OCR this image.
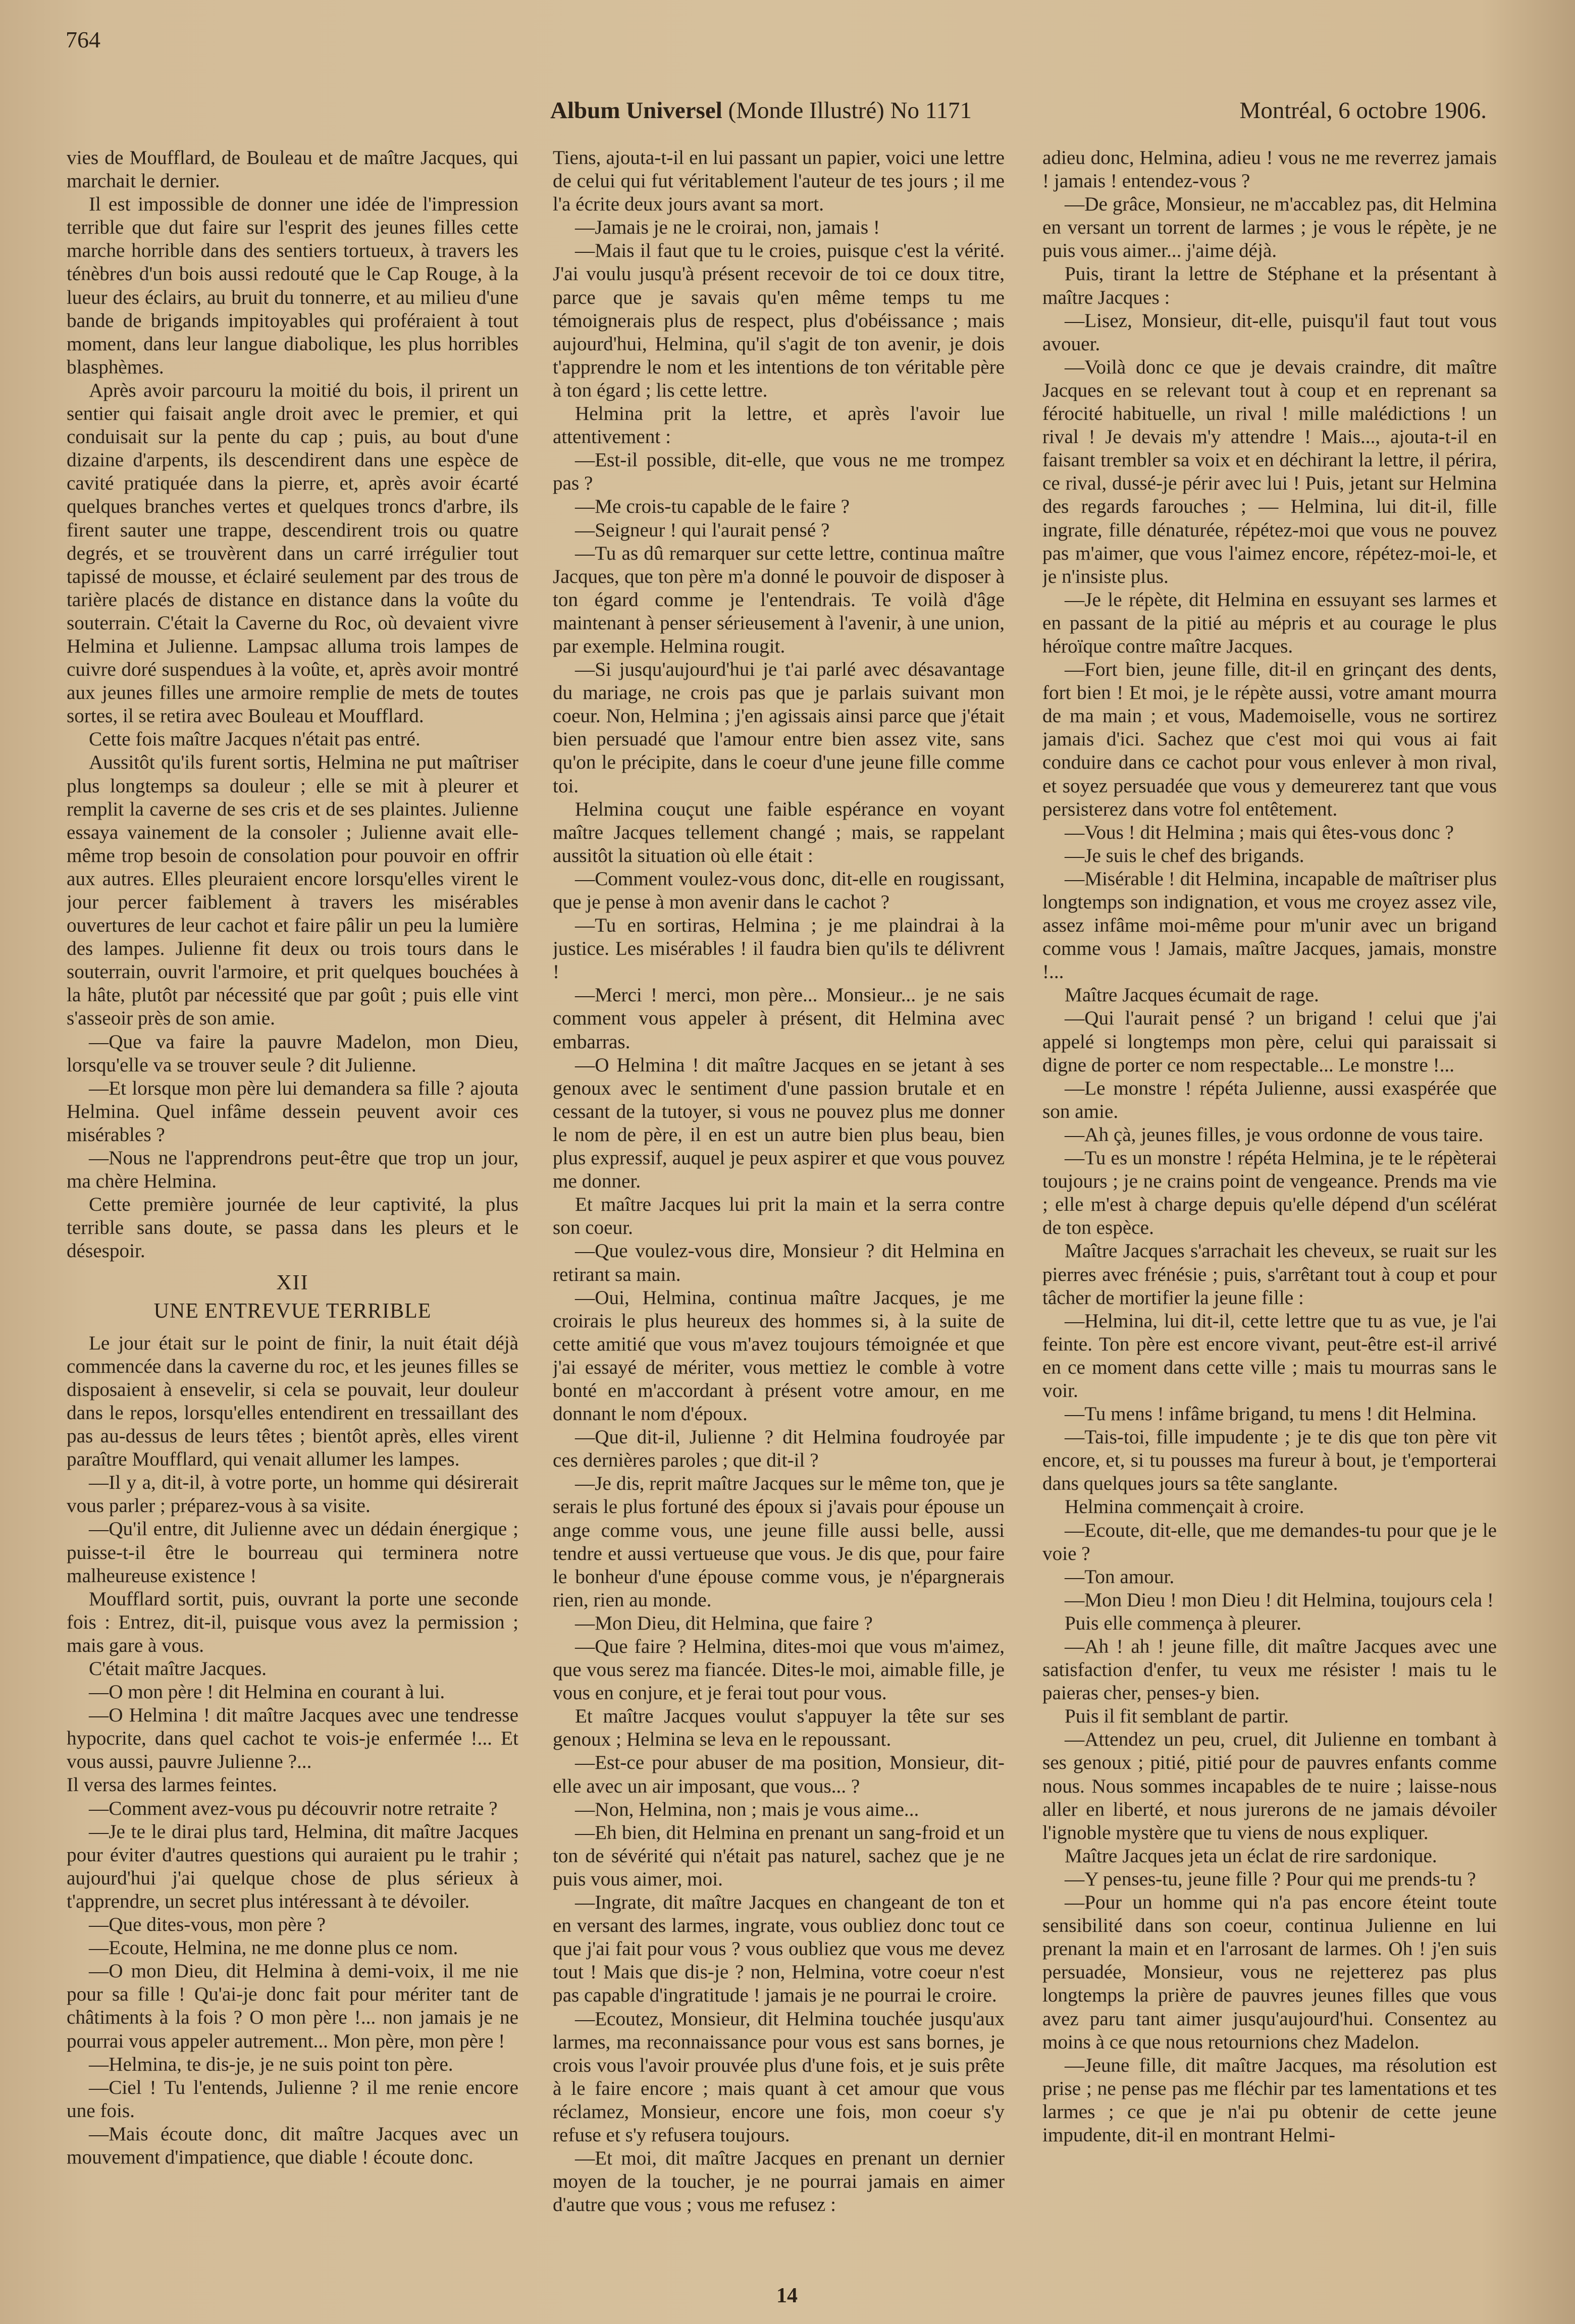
764
Album Universel (Monde Illustré) No 1171	Montréal, 6 octobre 1906.

vies de Moufflard, de Bouleau et de maître Jacques, qui marchait le dernier.

Il est impossible de donner une idée de l'impression terrible que dut faire sur l'esprit des jeunes filles cette marche horrible dans des sentiers tortueux, à travers les ténèbres d'un bois aussi redouté que le Cap Rouge, à la lueur des éclairs, au bruit du tonnerre, et au milieu d'une bande de brigands impitoyables qui proféraient à tout moment, dans leur langue diabolique, les plus horribles blasphèmes.

Après avoir parcouru la moitié du bois, il prirent un sentier qui faisait angle droit avec le premier, et qui conduisait sur la pente du cap ; puis, au bout d'une dizaine d'arpents, ils descendirent dans une espèce de cavité pratiquée dans la pierre, et, après avoir écarté quelques branches vertes et quelques troncs d'arbre, ils firent sauter une trappe, descendirent trois ou quatre degrés, et se trouvèrent dans un carré irrégulier tout tapissé de mousse, et éclairé seulement par des trous de tarière placés de distance en distance dans la voûte du souterrain. C'était la Caverne du Roc, où devaient vivre Helmina et Julienne. Lampsac alluma trois lampes de cuivre doré suspendues à la voûte, et, après avoir montré aux jeunes filles une armoire remplie de mets de toutes sortes, il se retira avec Bouleau et Moufflard.

Cette fois maître Jacques n'était pas entré.

Aussitôt qu'ils furent sortis, Helmina ne put maîtriser plus longtemps sa douleur ; elle se mit à pleurer et remplit la caverne de ses cris et de ses plaintes. Julienne essaya vainement de la consoler ; Julienne avait elle-même trop besoin de consolation pour pouvoir en offrir aux autres. Elles pleuraient encore lorsqu'elles virent le jour percer faiblement à travers les misérables ouvertures de leur cachot et faire pâlir un peu la lumière des lampes. Julienne fit deux ou trois tours dans le souterrain, ouvrit l'armoire, et prit quelques bouchées à la hâte, plutôt par nécessité que par goût ; puis elle vint s'asseoir près de son amie.

—Que va faire la pauvre Madelon, mon Dieu, lorsqu'elle va se trouver seule ? dit Julienne.

—Et lorsque mon père lui demandera sa fille ? ajouta Helmina. Quel infâme dessein peuvent avoir ces misérables ?

—Nous ne l'apprendrons peut-être que trop un jour, ma chère Helmina.

Cette première journée de leur captivité, la plus terrible sans doute, se passa dans les pleurs et le désespoir.

XII
UNE ENTREVUE TERRIBLE

Le jour était sur le point de finir, la nuit était déjà commencée dans la caverne du roc, et les jeunes filles se disposaient à ensevelir, si cela se pouvait, leur douleur dans le repos, lorsqu'elles entendirent en tressaillant des pas au-dessus de leurs têtes ; bientôt après, elles virent paraître Moufflard, qui venait allumer les lampes.

—Il y a, dit-il, à votre porte, un homme qui désirerait vous parler ; préparez-vous à sa visite.

—Qu'il entre, dit Julienne avec un dédain énergique ; puisse-t-il être le bourreau qui terminera notre malheureuse existence !

Moufflard sortit, puis, ouvrant la porte une seconde fois : Entrez, dit-il, puisque vous avez la permission ; mais gare à vous.

C'était maître Jacques.

—O mon père ! dit Helmina en courant à lui.

—O Helmina ! dit maître Jacques avec une tendresse hypocrite, dans quel cachot te vois-je enfermée !... Et vous aussi, pauvre Julienne ?...

Il versa des larmes feintes.

—Comment avez-vous pu découvrir notre retraite ?

—Je te le dirai plus tard, Helmina, dit maître Jacques pour éviter d'autres questions qui auraient pu le trahir ; aujourd'hui j'ai quelque chose de plus sérieux à t'apprendre, un secret plus intéressant à te dévoiler.

—Que dites-vous, mon père ?

—Ecoute, Helmina, ne me donne plus ce nom.

—O mon Dieu, dit Helmina à demi-voix, il me nie pour sa fille ! Qu'ai-je donc fait pour mériter tant de châtiments à la fois ? O mon père !... non jamais je ne pourrai vous appeler autrement... Mon père, mon père !

—Helmina, te dis-je, je ne suis point ton père.

—Ciel ! Tu l'entends, Julienne ? il me renie encore une fois.

—Mais écoute donc, dit maître Jacques avec un mouvement d'impatience, que diable ! écoute donc.

Tiens, ajouta-t-il en lui passant un papier, voici une lettre de celui qui fut véritablement l'auteur de tes jours ; il me l'a écrite deux jours avant sa mort.

—Jamais je ne le croirai, non, jamais !

—Mais il faut que tu le croies, puisque c'est la vérité. J'ai voulu jusqu'à présent recevoir de toi ce doux titre, parce que je savais qu'en même temps tu me témoignerais plus de respect, plus d'obéissance ; mais aujourd'hui, Helmina, qu'il s'agit de ton avenir, je dois t'apprendre le nom et les intentions de ton véritable père à ton égard ; lis cette lettre.

Helmina prit la lettre, et après l'avoir lue attentivement :

—Est-il possible, dit-elle, que vous ne me trompez pas ?

—Me crois-tu capable de le faire ?

—Seigneur ! qui l'aurait pensé ?

—Tu as dû remarquer sur cette lettre, continua maître Jacques, que ton père m'a donné le pouvoir de disposer à ton égard comme je l'entendrais. Te voilà d'âge maintenant à penser sérieusement à l'avenir, à une union, par exemple. Helmina rougit.

—Si jusqu'aujourd'hui je t'ai parlé avec désavantage du mariage, ne crois pas que je parlais suivant mon coeur. Non, Helmina ; j'en agissais ainsi parce que j'était bien persuadé que l'amour entre bien assez vite, sans qu'on le précipite, dans le coeur d'une jeune fille comme toi.

Helmina couçut une faible espérance en voyant maître Jacques tellement changé ; mais, se rappelant aussitôt la situation où elle était :

—Comment voulez-vous donc, dit-elle en rougissant, que je pense à mon avenir dans le cachot ?

—Tu en sortiras, Helmina ; je me plaindrai à la justice. Les misérables ! il faudra bien qu'ils te délivrent !

—Merci ! merci, mon père... Monsieur... je ne sais comment vous appeler à présent, dit Helmina avec embarras.

—O Helmina ! dit maître Jacques en se jetant à ses genoux avec le sentiment d'une passion brutale et en cessant de la tutoyer, si vous ne pouvez plus me donner le nom de père, il en est un autre bien plus beau, bien plus expressif, auquel je peux aspirer et que vous pouvez me donner.

Et maître Jacques lui prit la main et la serra contre son coeur.

—Que voulez-vous dire, Monsieur ? dit Helmina en retirant sa main.

—Oui, Helmina, continua maître Jacques, je me croirais le plus heureux des hommes si, à la suite de cette amitié que vous m'avez toujours témoignée et que j'ai essayé de mériter, vous mettiez le comble à votre bonté en m'accordant à présent votre amour, en me donnant le nom d'époux.

—Que dit-il, Julienne ? dit Helmina foudroyée par ces dernières paroles ; que dit-il ?

—Je dis, reprit maître Jacques sur le même ton, que je serais le plus fortuné des époux si j'avais pour épouse un ange comme vous, une jeune fille aussi belle, aussi tendre et aussi vertueuse que vous. Je dis que, pour faire le bonheur d'une épouse comme vous, je n'épargnerais rien, rien au monde.

—Mon Dieu, dit Helmina, que faire ?

—Que faire ? Helmina, dites-moi que vous m'aimez, que vous serez ma fiancée. Dites-le moi, aimable fille, je vous en conjure, et je ferai tout pour vous.

Et maître Jacques voulut s'appuyer la tête sur ses genoux ; Helmina se leva en le repoussant.

—Est-ce pour abuser de ma position, Monsieur, dit-elle avec un air imposant, que vous... ?

—Non, Helmina, non ; mais je vous aime...

—Eh bien, dit Helmina en prenant un sang-froid et un ton de sévérité qui n'était pas naturel, sachez que je ne puis vous aimer, moi.

—Ingrate, dit maître Jacques en changeant de ton et en versant des larmes, ingrate, vous oubliez donc tout ce que j'ai fait pour vous ? vous oubliez que vous me devez tout ! Mais que dis-je ? non, Helmina, votre coeur n'est pas capable d'ingratitude ! jamais je ne pourrai le croire.

—Ecoutez, Monsieur, dit Helmina touchée jusqu'aux larmes, ma reconnaissance pour vous est sans bornes, je crois vous l'avoir prouvée plus d'une fois, et je suis prête à le faire encore ; mais quant à cet amour que vous réclamez, Monsieur, encore une fois, mon coeur s'y refuse et s'y refusera toujours.

—Et moi, dit maître Jacques en prenant un dernier moyen de la toucher, je ne pourrai jamais en aimer d'autre que vous ; vous me refusez :

adieu donc, Helmina, adieu ! vous ne me reverrez jamais ! jamais ! entendez-vous ?

—De grâce, Monsieur, ne m'accablez pas, dit Helmina en versant un torrent de larmes ; je vous le répète, je ne puis vous aimer... j'aime déjà.

Puis, tirant la lettre de Stéphane et la présentant à maître Jacques :

—Lisez, Monsieur, dit-elle, puisqu'il faut tout vous avouer.

—Voilà donc ce que je devais craindre, dit maître Jacques en se relevant tout à coup et en reprenant sa férocité habituelle, un rival ! mille malédictions ! un rival ! Je devais m'y attendre ! Mais..., ajouta-t-il en faisant trembler sa voix et en déchirant la lettre, il périra, ce rival, dussé-je périr avec lui ! Puis, jetant sur Helmina des regards farouches ; — Helmina, lui dit-il, fille ingrate, fille dénaturée, répétez-moi que vous ne pouvez pas m'aimer, que vous l'aimez encore, répétez-moi-le, et je n'insiste plus.

—Je le répète, dit Helmina en essuyant ses larmes et en passant de la pitié au mépris et au courage le plus héroïque contre maître Jacques.

—Fort bien, jeune fille, dit-il en grinçant des dents, fort bien ! Et moi, je le répète aussi, votre amant mourra de ma main ; et vous, Mademoiselle, vous ne sortirez jamais d'ici. Sachez que c'est moi qui vous ai fait conduire dans ce cachot pour vous enlever à mon rival, et soyez persuadée que vous y demeurerez tant que vous persisterez dans votre fol entêtement.

—Vous ! dit Helmina ; mais qui êtes-vous donc ?

—Je suis le chef des brigands.

—Misérable ! dit Helmina, incapable de maîtriser plus longtemps son indignation, et vous me croyez assez vile, assez infâme moi-même pour m'unir avec un brigand comme vous ! Jamais, maître Jacques, jamais, monstre !...

Maître Jacques écumait de rage.

—Qui l'aurait pensé ? un brigand ! celui que j'ai appelé si longtemps mon père, celui qui paraissait si digne de porter ce nom respectable... Le monstre !...

—Le monstre ! répéta Julienne, aussi exaspérée que son amie.

—Ah çà, jeunes filles, je vous ordonne de vous taire.

—Tu es un monstre ! répéta Helmina, je te le répèterai toujours ; je ne crains point de vengeance. Prends ma vie ; elle m'est à charge depuis qu'elle dépend d'un scélérat de ton espèce.

Maître Jacques s'arrachait les cheveux, se ruait sur les pierres avec frénésie ; puis, s'arrêtant tout à coup et pour tâcher de mortifier la jeune fille :

—Helmina, lui dit-il, cette lettre que tu as vue, je l'ai feinte. Ton père est encore vivant, peut-être est-il arrivé en ce moment dans cette ville ; mais tu mourras sans le voir.

—Tu mens ! infâme brigand, tu mens ! dit Helmina.

—Tais-toi, fille impudente ; je te dis que ton père vit encore, et, si tu pousses ma fureur à bout, je t'emporterai dans quelques jours sa tête sanglante.

Helmina commençait à croire.

—Ecoute, dit-elle, que me demandes-tu pour que je le voie ?

—Ton amour.

—Mon Dieu ! mon Dieu ! dit Helmina, toujours cela !

Puis elle commença à pleurer.

—Ah ! ah ! jeune fille, dit maître Jacques avec une satisfaction d'enfer, tu veux me résister ! mais tu le paieras cher, penses-y bien.

Puis il fit semblant de partir.

—Attendez un peu, cruel, dit Julienne en tombant à ses genoux ; pitié, pitié pour de pauvres enfants comme nous. Nous sommes incapables de te nuire ; laisse-nous aller en liberté, et nous jurerons de ne jamais dévoiler l'ignoble mystère que tu viens de nous expliquer.

Maître Jacques jeta un éclat de rire sardonique.

—Y penses-tu, jeune fille ? Pour qui me prends-tu ?

—Pour un homme qui n'a pas encore éteint toute sensibilité dans son coeur, continua Julienne en lui prenant la main et en l'arrosant de larmes. Oh ! j'en suis persuadée, Monsieur, vous ne rejetterez pas plus longtemps la prière de pauvres jeunes filles que vous avez paru tant aimer jusqu'aujourd'hui. Consentez au moins à ce que nous retournions chez Madelon.

—Jeune fille, dit maître Jacques, ma résolution est prise ; ne pense pas me fléchir par tes lamentations et tes larmes ; ce que je n'ai pu obtenir de cette jeune impudente, dit-il en montrant Helmi-

14
